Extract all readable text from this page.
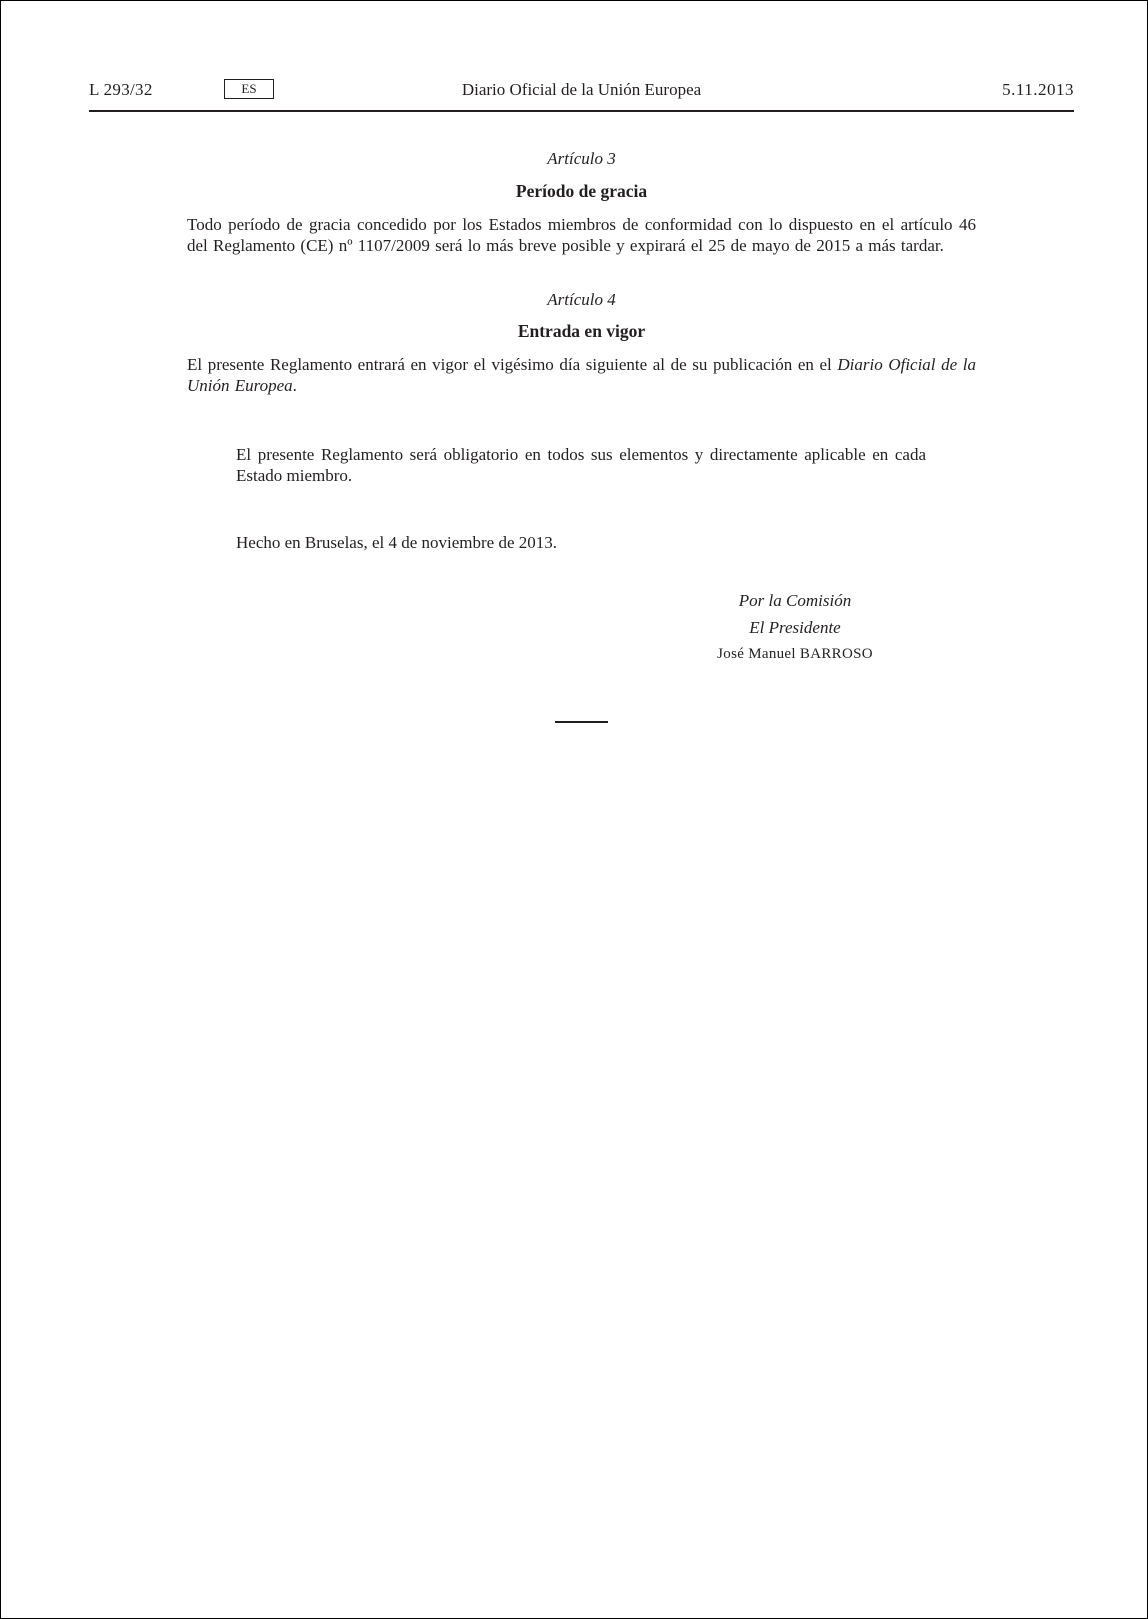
L 293/32	ES	Diario Oficial de la Unión Europea	5.11.2013
Artículo 3
Período de gracia
Todo período de gracia concedido por los Estados miembros de conformidad con lo dispuesto en el artículo 46 del Reglamento (CE) nº 1107/2009 será lo más breve posible y expirará el 25 de mayo de 2015 a más tardar.
Artículo 4
Entrada en vigor
El presente Reglamento entrará en vigor el vigésimo día siguiente al de su publicación en el Diario Oficial de la Unión Europea.
El presente Reglamento será obligatorio en todos sus elementos y directamente aplicable en cada Estado miembro.
Hecho en Bruselas, el 4 de noviembre de 2013.
Por la Comisión
El Presidente
José Manuel BARROSO
